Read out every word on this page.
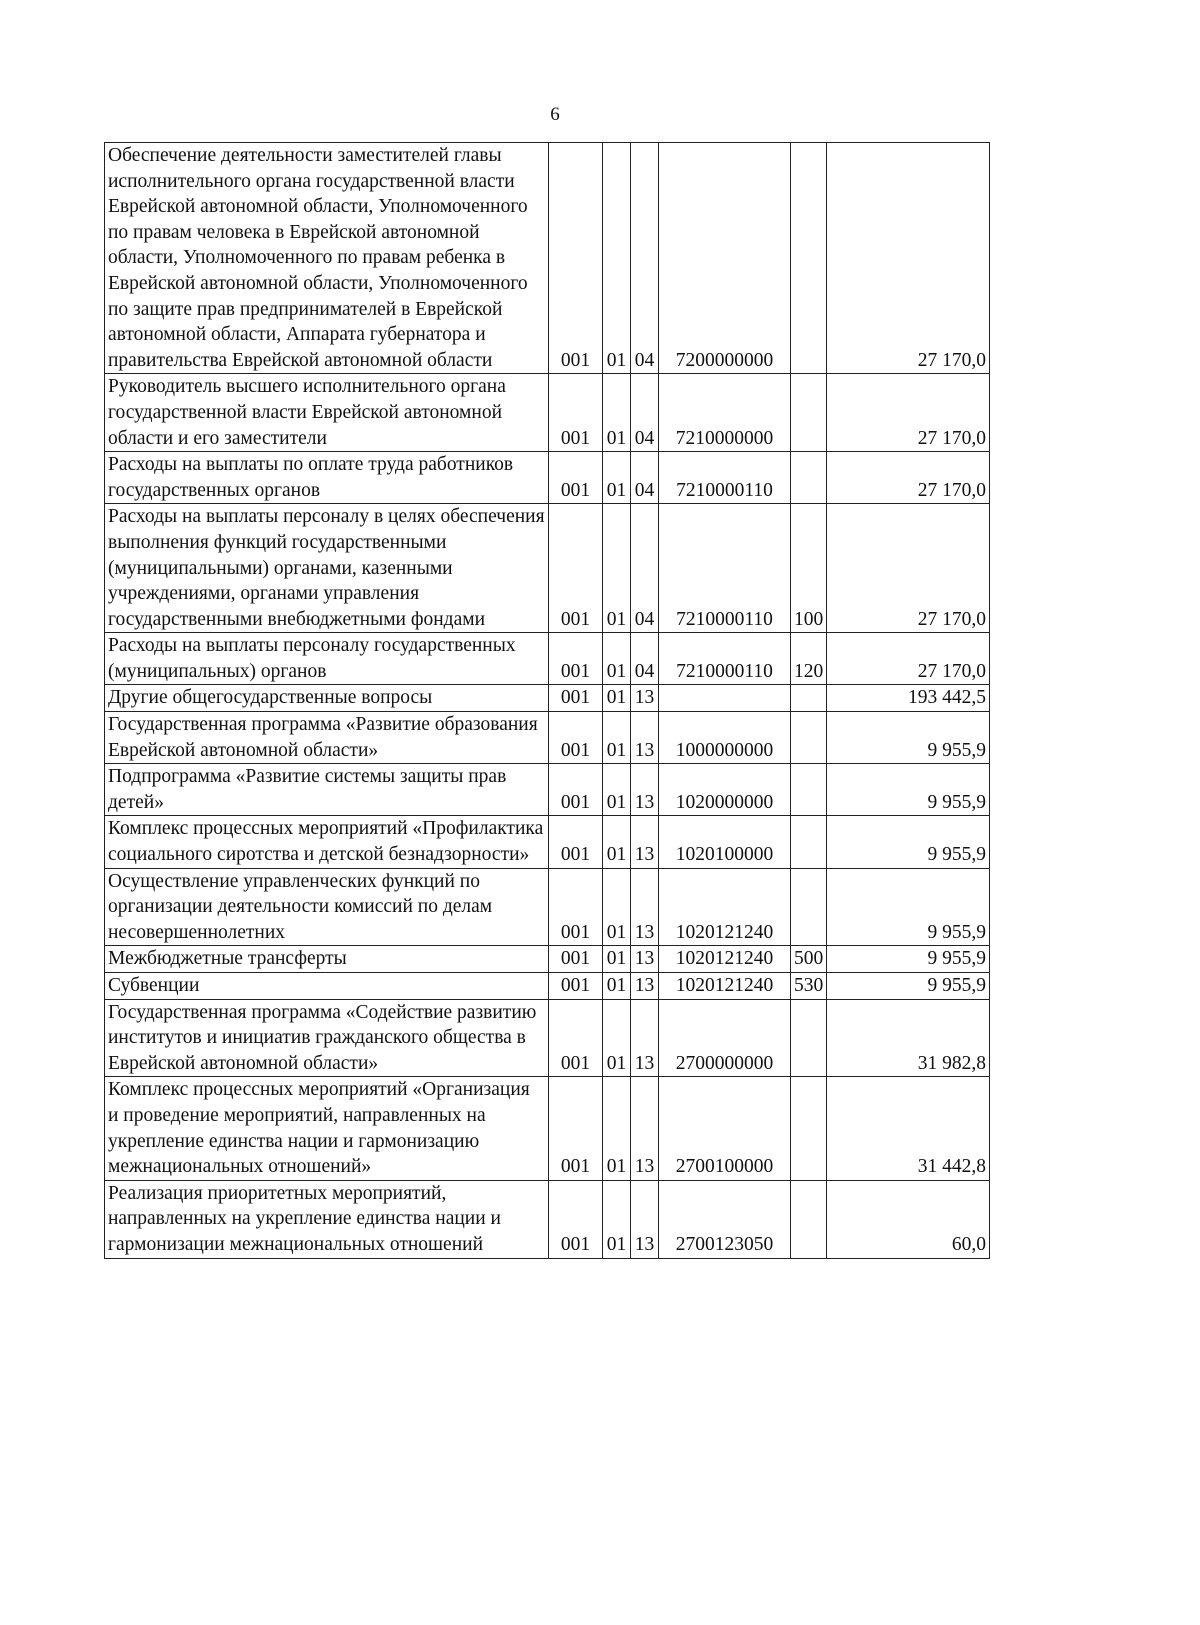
6
Обеспечение деятельности заместителей главы исполнительного органа государственной власти Еврейской автономной области, Уполномоченного по правам человека в Еврейской автономной области, Уполномоченного по правам ребенка в Еврейской автономной области, Уполномоченного по защите прав предпринимателей в Еврейской автономной области, Аппарата губернатора и правительства Еврейской автономной области	001	01	04	7200000000		27 170,0
Руководитель высшего исполнительного органа государственной власти Еврейской автономной области и его заместители	001	01	04	7210000000		27 170,0
Расходы на выплаты по оплате труда работников государственных органов	001	01	04	7210000110		27 170,0
Расходы на выплаты персоналу в целях обеспечения выполнения функций государственными (муниципальными) органами, казенными учреждениями, органами управления государственными внебюджетными фондами	001	01	04	7210000110	100	27 170,0
Расходы на выплаты персоналу государственных (муниципальных) органов	001	01	04	7210000110	120	27 170,0
Другие общегосударственные вопросы	001	01	13			193 442,5
Государственная программа «Развитие образования Еврейской автономной области»	001	01	13	1000000000		9 955,9
Подпрограмма «Развитие системы защиты прав детей»	001	01	13	1020000000		9 955,9
Комплекс процессных мероприятий «Профилактика социального сиротства и детской безнадзорности»	001	01	13	1020100000		9 955,9
Осуществление управленческих функций по организации деятельности комиссий по делам несовершеннолетних	001	01	13	1020121240		9 955,9
Межбюджетные трансферты	001	01	13	1020121240	500	9 955,9
Субвенции	001	01	13	1020121240	530	9 955,9
Государственная программа «Содействие развитию институтов и инициатив гражданского общества в Еврейской автономной области»	001	01	13	2700000000		31 982,8
Комплекс процессных мероприятий «Организация и проведение мероприятий, направленных на укрепление единства нации и гармонизацию межнациональных отношений»	001	01	13	2700100000		31 442,8
Реализация приоритетных мероприятий, направленных на укрепление единства нации и гармонизации межнациональных отношений	001	01	13	2700123050		60,0
